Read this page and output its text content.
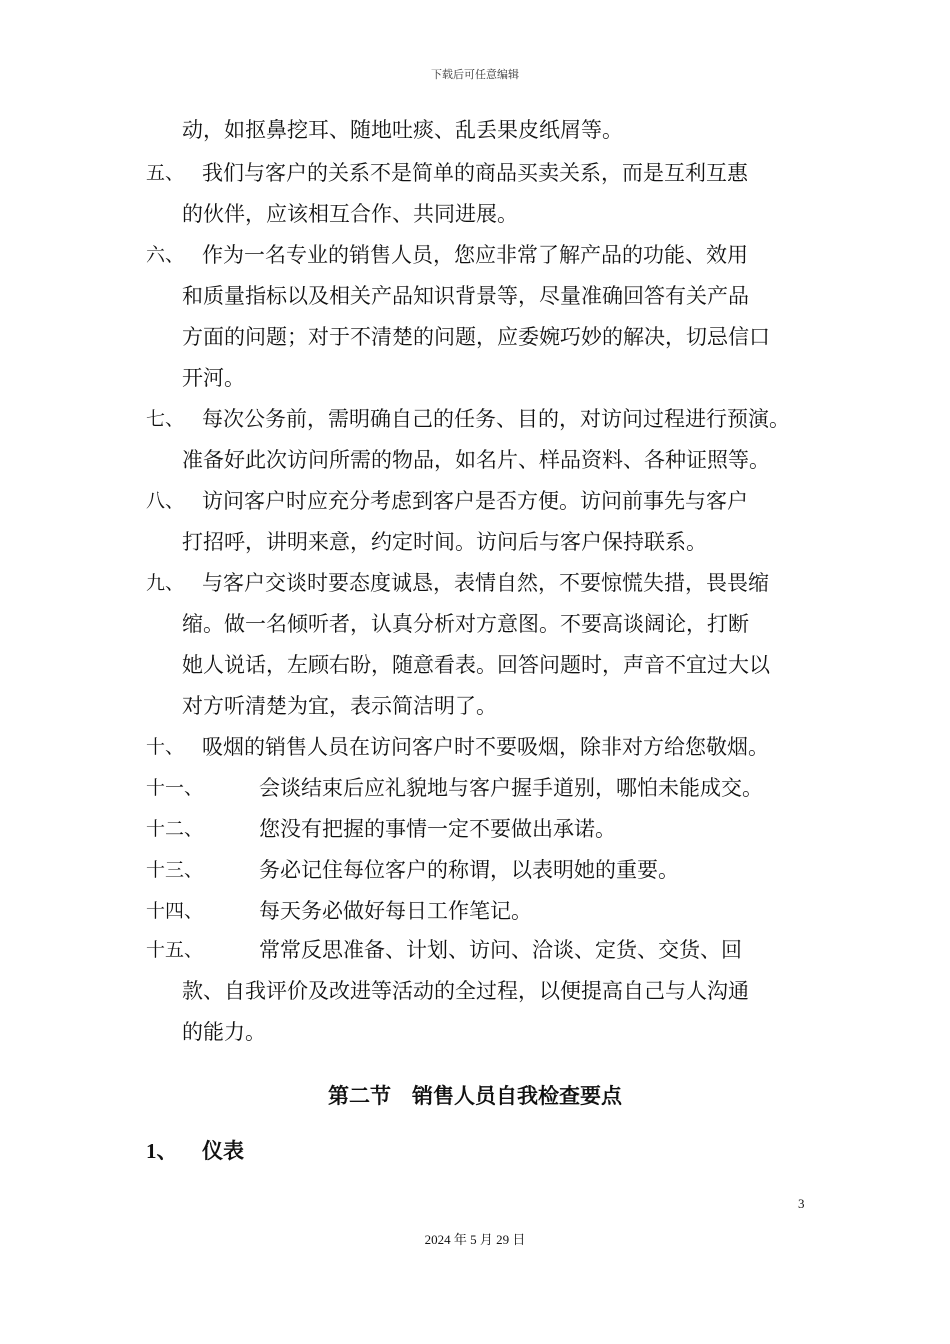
下载后可任意编辑
动，如抠鼻挖耳、随地吐痰、乱丢果皮纸屑等。
五、 我们与客户的关系不是简单的商品买卖关系，而是互利互惠
的伙伴，应该相互合作、共同进展。
六、 作为一名专业的销售人员，您应非常了解产品的功能、效用
和质量指标以及相关产品知识背景等，尽量准确回答有关产品
方面的问题；对于不清楚的问题，应委婉巧妙的解决，切忌信口
开河。
七、 每次公务前，需明确自己的任务、目的，对访问过程进行预演。
准备好此次访问所需的物品，如名片、样品资料、各种证照等。
八、 访问客户时应充分考虑到客户是否方便。访问前事先与客户
打招呼，讲明来意，约定时间。访问后与客户保持联系。
九、 与客户交谈时要态度诚恳，表情自然，不要惊慌失措，畏畏缩
缩。做一名倾听者，认真分析对方意图。不要高谈阔论，打断
她人说话，左顾右盼，随意看表。回答问题时，声音不宜过大以
对方听清楚为宜，表示简洁明了。
十、 吸烟的销售人员在访问客户时不要吸烟，除非对方给您敬烟。
十一、	会谈结束后应礼貌地与客户握手道别，哪怕未能成交。
十二、	您没有把握的事情一定不要做出承诺。
十三、	务必记住每位客户的称谓，以表明她的重要。
十四、	每天务必做好每日工作笔记。
十五、	常常反思准备、计划、访问、洽谈、定货、交货、回
款、自我评价及改进等活动的全过程，以便提高自己与人沟通
的能力。
第二节　销售人员自我检查要点
1、 仪表
3
2024 年 5 月 29 日
